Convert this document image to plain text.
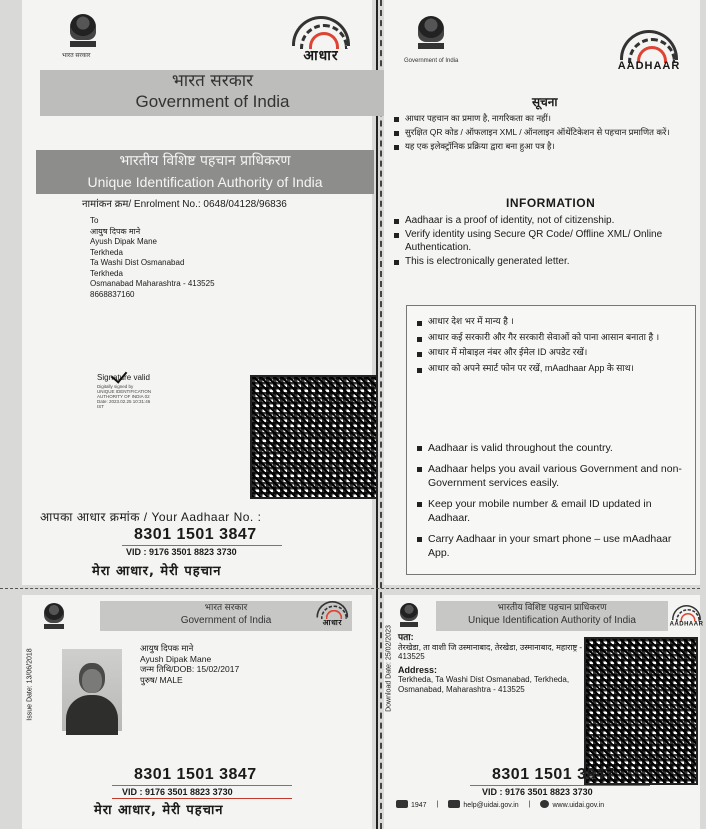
भारत सरकार	आधार
भारत सरकार
Government of India
भारतीय विशिष्ट पहचान प्राधिकरण
Unique Identification Authority of India
नामांकन क्रम/ Enrolment No.: 0648/04128/96836
To
आयुष दिपक माने
Ayush Dipak Mane
Terkheda
Ta Washi Dist Osmanabad
Terkheda
Osmanabad Maharashtra - 413525
8668837160
Signature valid
Digitally signed by
UNIQUE IDENTIFICATION
AUTHORITY OF INDIA 02
Date: 2023.02.25 10:31:46
IST
आपका आधार क्रमांक / Your Aadhaar No. :
8301 1501 3847
VID : 9176 3501 8823 3730
मेरा आधार, मेरी पहचान
Government of India	AADHAAR
सूचना
आधार पहचान का प्रमाण है, नागरिकता का नहीं।
सुरक्षित QR कोड / ऑफलाइन XML / ऑनलाइन ऑथेंटिकेशन से पहचान प्रमाणित करें।
यह एक इलेक्ट्रॉनिक प्रक्रिया द्वारा बना हुआ पत्र है।
INFORMATION
Aadhaar is a proof of identity, not of citizenship.
Verify identity using Secure QR Code/ Offline XML/ Online Authentication.
This is electronically generated letter.
आधार देश भर में मान्य है ।
आधार कई सरकारी और गैर सरकारी सेवाओं को पाना आसान बनाता है ।
आधार में मोबाइल नंबर और ईमेल ID अपडेट रखें।
आधार को अपने स्मार्ट फोन पर रखें, mAadhaar App के साथ।
Aadhaar is valid throughout the country.
Aadhaar helps you avail various Government and non-Government services easily.
Keep your mobile number & email ID updated in Aadhaar.
Carry Aadhaar in your smart phone – use mAadhaar App.
भारत सरकार
Government of India	आधार
Issue Date: 13/06/2018
आयुष दिपक माने
Ayush Dipak Mane
जन्म तिथि/DOB: 15/02/2017
पुरुष/ MALE
8301 1501 3847
VID : 9176 3501 8823 3730
मेरा आधार, मेरी पहचान
भारतीय विशिष्ट पहचान प्राधिकरण
Unique Identification Authority of India	AADHAAR
Download Date: 25/02/2023 पता:
तेरखेडा, ता वाशी जि उस्मानाबाद, तेरखेडा, उस्मानाबाद, महाराष्ट्र - 413525
Address:
Terkheda, Ta Washi Dist Osmanabad, Terkheda, Osmanabad, Maharashtra - 413525
8301 1501 3847
VID : 9176 3501 8823 3730
1947 |	help@uidai.gov.in |	www.uidai.gov.in
